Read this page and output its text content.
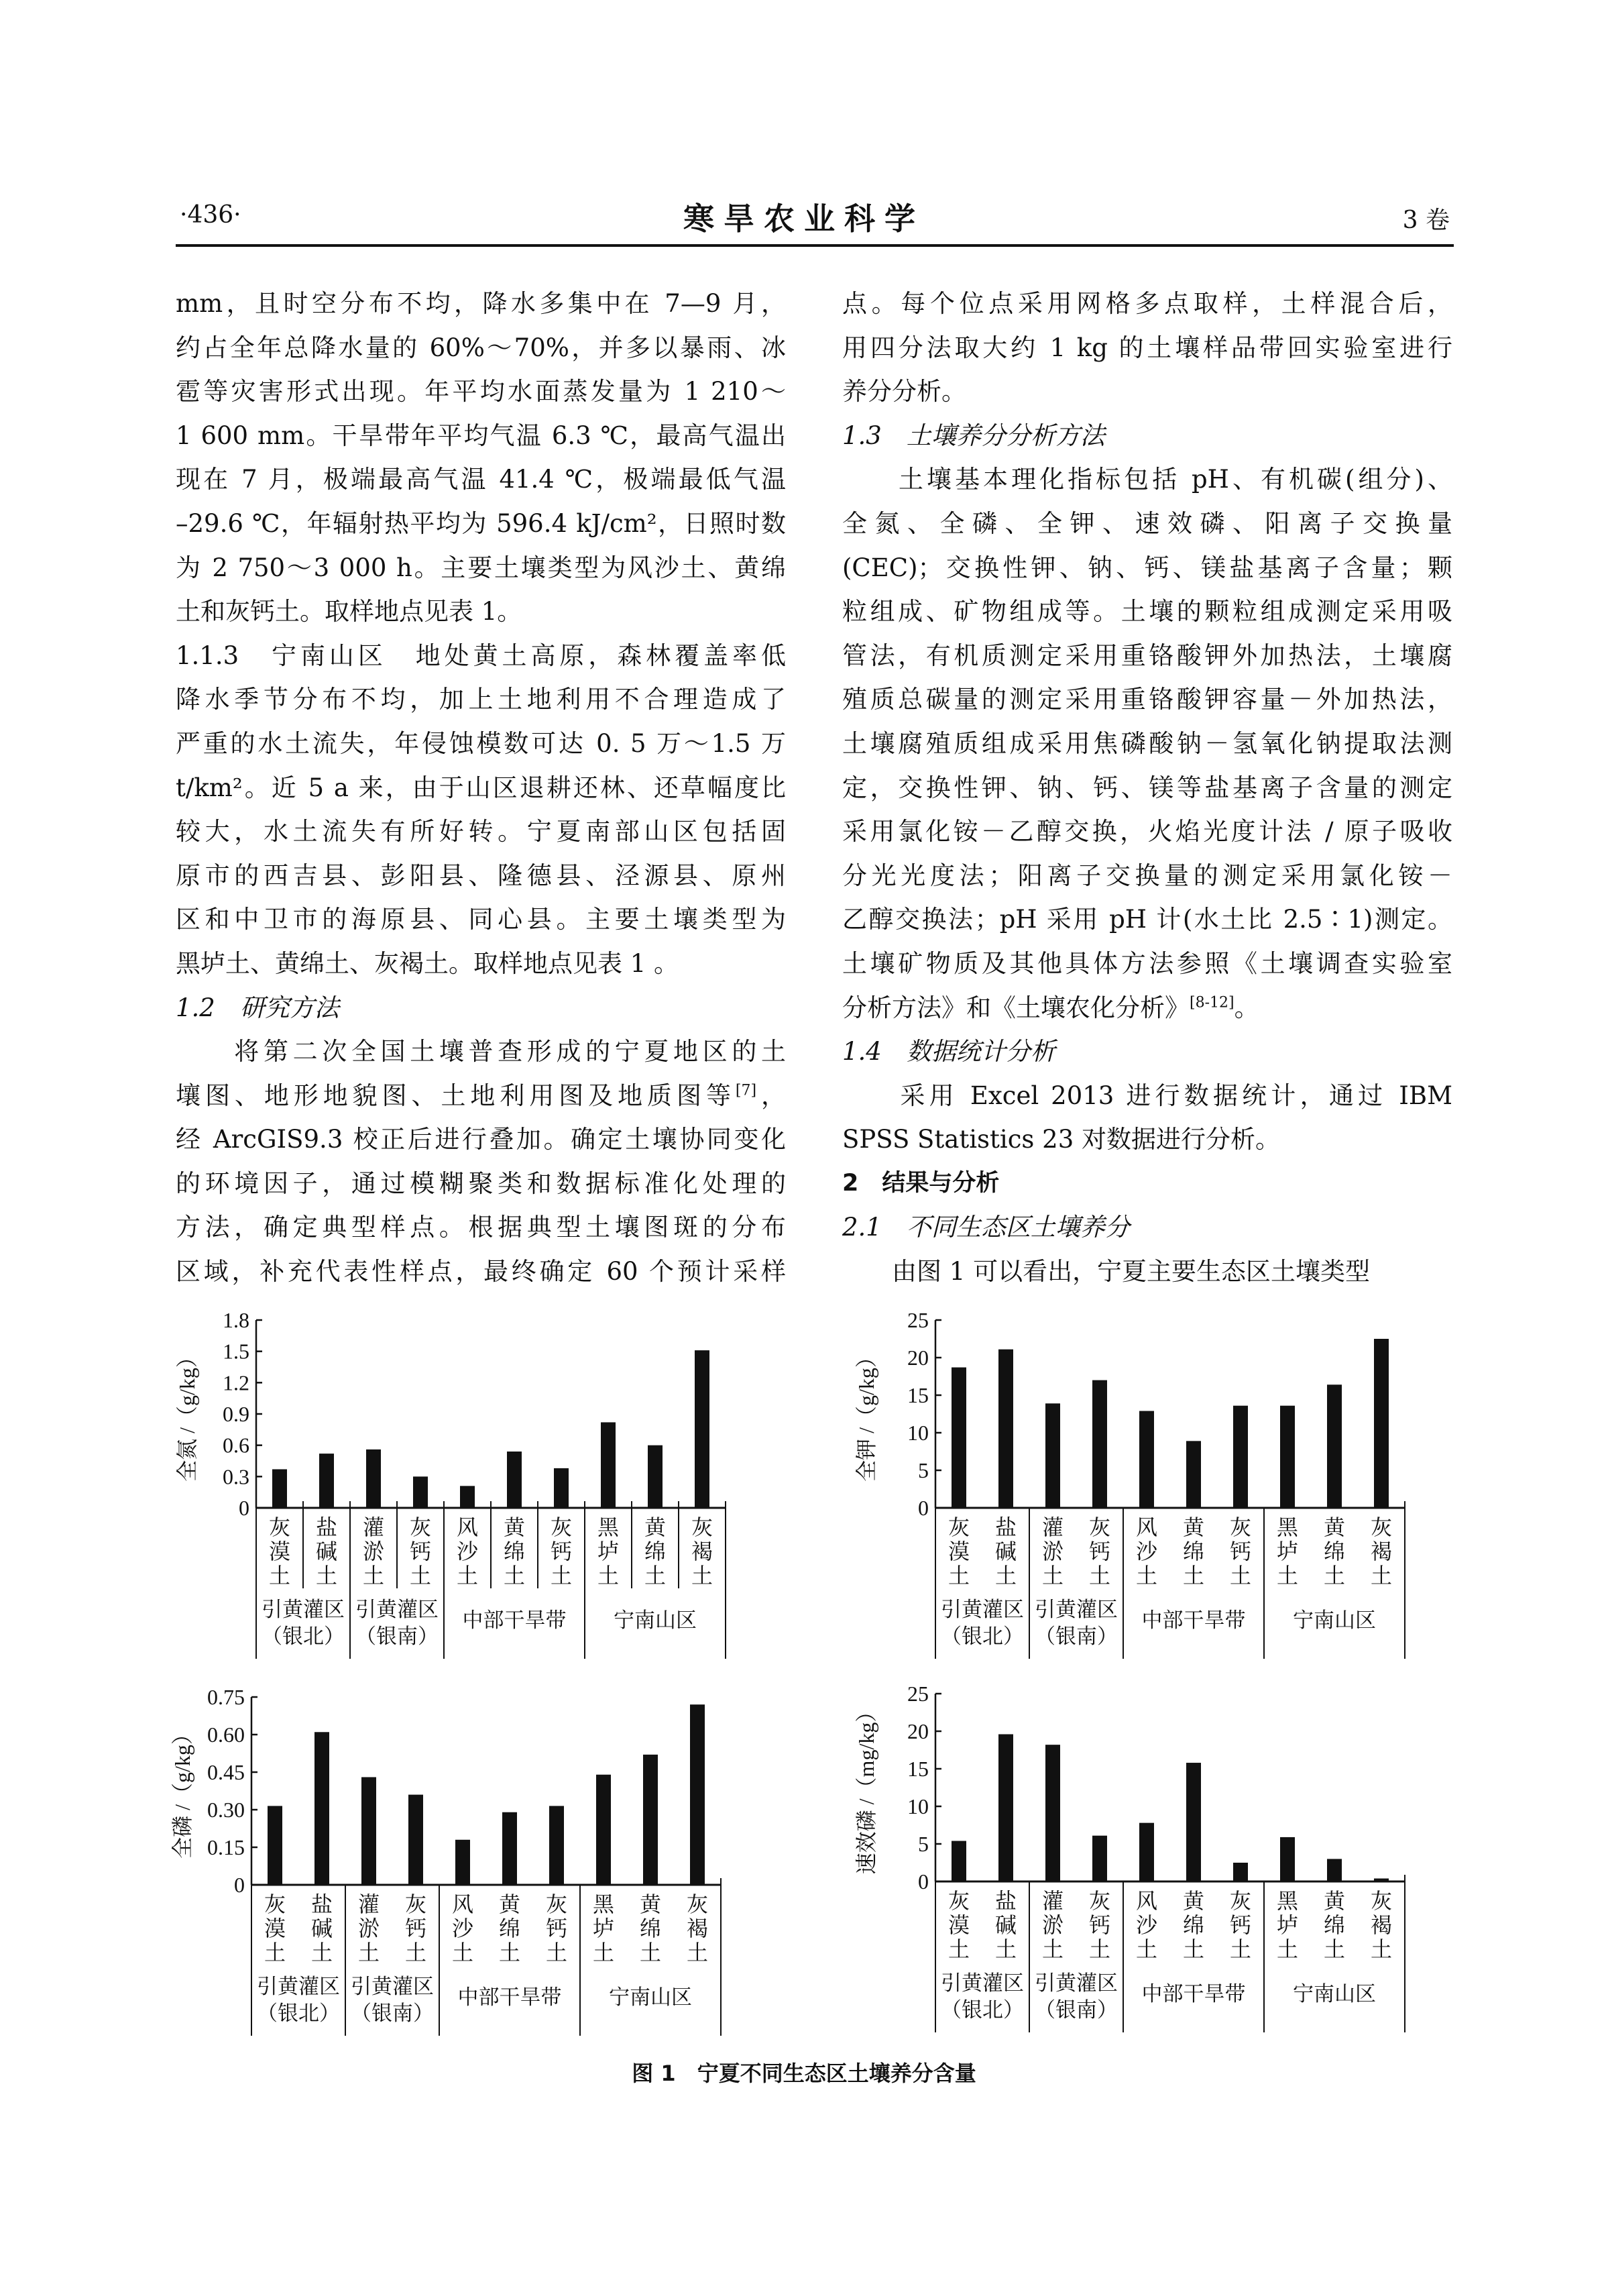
·436·	寒旱农业科学	3 卷
mm，且时空分布不均，降水多集中在 7—9 月，
约占全年总降水量的 60%～70%，并多以暴雨、冰
雹等灾害形式出现。年平均水面蒸发量为 1 210～
1 600 mm。干旱带年平均气温 6.3 ℃，最高气温出
现在 7 月，极端最高气温 41.4 ℃，极端最低气温
–29.6 ℃，年辐射热平均为 596.4 kJ/cm²，日照时数
为 2 750～3 000 h。主要土壤类型为风沙土、黄绵
土和灰钙土。取样地点见表 1。
1.1.3　宁南山区　地处黄土高原，森林覆盖率低
降水季节分布不均，加上土地利用不合理造成了
严重的水土流失，年侵蚀模数可达 0. 5 万～1.5 万
t/km²。近 5 a 来，由于山区退耕还林、还草幅度比
较大，水土流失有所好转。宁夏南部山区包括固
原市的西吉县、彭阳县、隆德县、泾源县、原州
区和中卫市的海原县、同心县。主要土壤类型为
黑垆土、黄绵土、灰褐土。取样地点见表 1 。
1.2　研究方法
　　将第二次全国土壤普查形成的宁夏地区的土
壤图、地形地貌图、土地利用图及地质图等[7]，
经 ArcGIS9.3 校正后进行叠加。确定土壤协同变化
的环境因子，通过模糊聚类和数据标准化处理的
方法，确定典型样点。根据典型土壤图斑的分布
区域，补充代表性样点，最终确定 60 个预计采样
点。每个位点采用网格多点取样，土样混合后，
用四分法取大约 1 kg 的土壤样品带回实验室进行
养分分析。
1.3　土壤养分分析方法
　　土壤基本理化指标包括 pH、有机碳(组分)、
全氮、全磷、全钾、速效磷、阳离子交换量
(CEC)；交换性钾、钠、钙、镁盐基离子含量；颗
粒组成、矿物组成等。土壤的颗粒组成测定采用吸
管法，有机质测定采用重铬酸钾外加热法，土壤腐
殖质总碳量的测定采用重铬酸钾容量－外加热法，
土壤腐殖质组成采用焦磷酸钠－氢氧化钠提取法测
定，交换性钾、钠、钙、镁等盐基离子含量的测定
采用氯化铵－乙醇交换，火焰光度计法 / 原子吸收
分光光度法；阳离子交换量的测定采用氯化铵－
乙醇交换法；pH 采用 pH 计(水土比 2.5∶1)测定。
土壤矿物质及其他具体方法参照《土壤调查实验室
分析方法》和《土壤农化分析》[8-12]。
1.4　数据统计分析
　　采用 Excel 2013 进行数据统计，通过 IBM
SPSS Statistics 23 对数据进行分析。
2　结果与分析
2.1　不同生态区土壤养分
　　由图 1 可以看出，宁夏主要生态区土壤类型
0
0.3
0.6
0.9
1.2
1.5
1.8
全氮 /（g/kg）
灰
漠
土
盐
碱
土
灌
淤
土
灰
钙
土
风
沙
土
黄
绵
土
灰
钙
土
黑
垆
土
黄
绵
土
灰
褐
土
引黄灌区
（银北）
引黄灌区
（银南）
中部干旱带 宁南山区
0
5
10
15
20
25
全钾 /（g/kg）
灰
漠
土
盐
碱
土
灌
淤
土
灰
钙
土
风
沙
土
黄
绵
土
灰
钙
土
黑
垆
土
黄
绵
土
灰
褐
土
引黄灌区
（银北）
引黄灌区
（银南）
中部干旱带 宁南山区
0
0.15
0.30
0.45
0.60
0.75
全磷 /（g/kg）
灰
漠
土
盐
碱
土
灌
淤
土
灰
钙
土
风
沙
土
黄
绵
土
灰
钙
土
黑
垆
土
黄
绵
土
灰
褐
土
引黄灌区
（银北）
引黄灌区
（银南）
中部干旱带 宁南山区
0
5
10
15
20
25
速效磷 /（mg/kg）
灰
漠
土
盐
碱
土
灌
淤
土
灰
钙
土
风
沙
土
黄
绵
土
灰
钙
土
黑
垆
土
黄
绵
土
灰
褐
土
引黄灌区
（银北）
引黄灌区
（银南）
中部干旱带 宁南山区
图 1　宁夏不同生态区土壤养分含量
